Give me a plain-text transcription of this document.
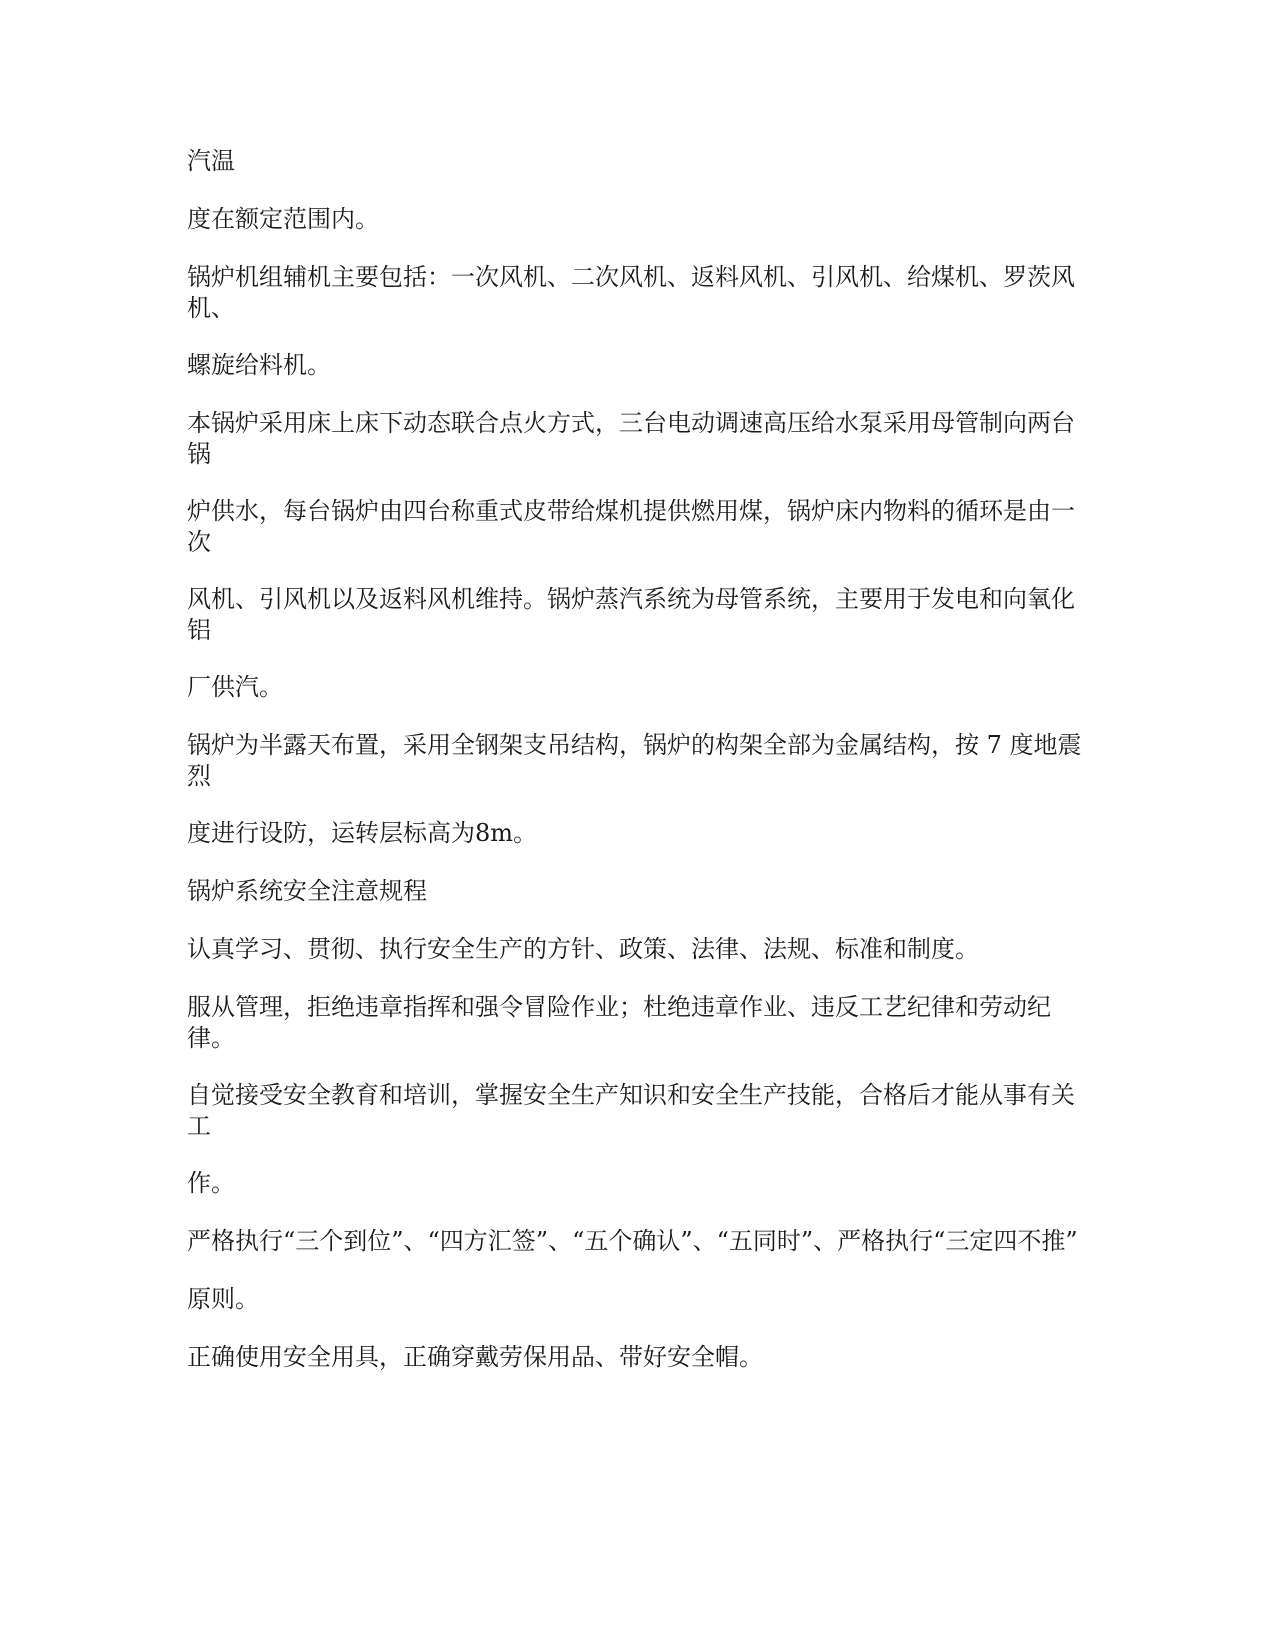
汽温

度在额定范围内。

锅炉机组辅机主要包括：一次风机、二次风机、返料风机、引风机、给煤机、罗茨风机、

螺旋给料机。

本锅炉采用床上床下动态联合点火方式，三台电动调速高压给水泵采用母管制向两台锅

炉供水，每台锅炉由四台称重式皮带给煤机提供燃用煤，锅炉床内物料的循环是由一次

风机、引风机以及返料风机维持。锅炉蒸汽系统为母管系统，主要用于发电和向氧化铝

厂供汽。

锅炉为半露天布置，采用全钢架支吊结构，锅炉的构架全部为金属结构，按 7 度地震烈

度进行设防，运转层标高为8m。

锅炉系统安全注意规程

认真学习、贯彻、执行安全生产的方针、政策、法律、法规、标准和制度。

服从管理，拒绝违章指挥和强令冒险作业；杜绝违章作业、违反工艺纪律和劳动纪律。

自觉接受安全教育和培训，掌握安全生产知识和安全生产技能，合格后才能从事有关工

作。

严格执行“三个到位”、“四方汇签”、“五个确认”、“五同时”、严格执行“三定四不推”

原则。

正确使用安全用具，正确穿戴劳保用品、带好安全帽。
